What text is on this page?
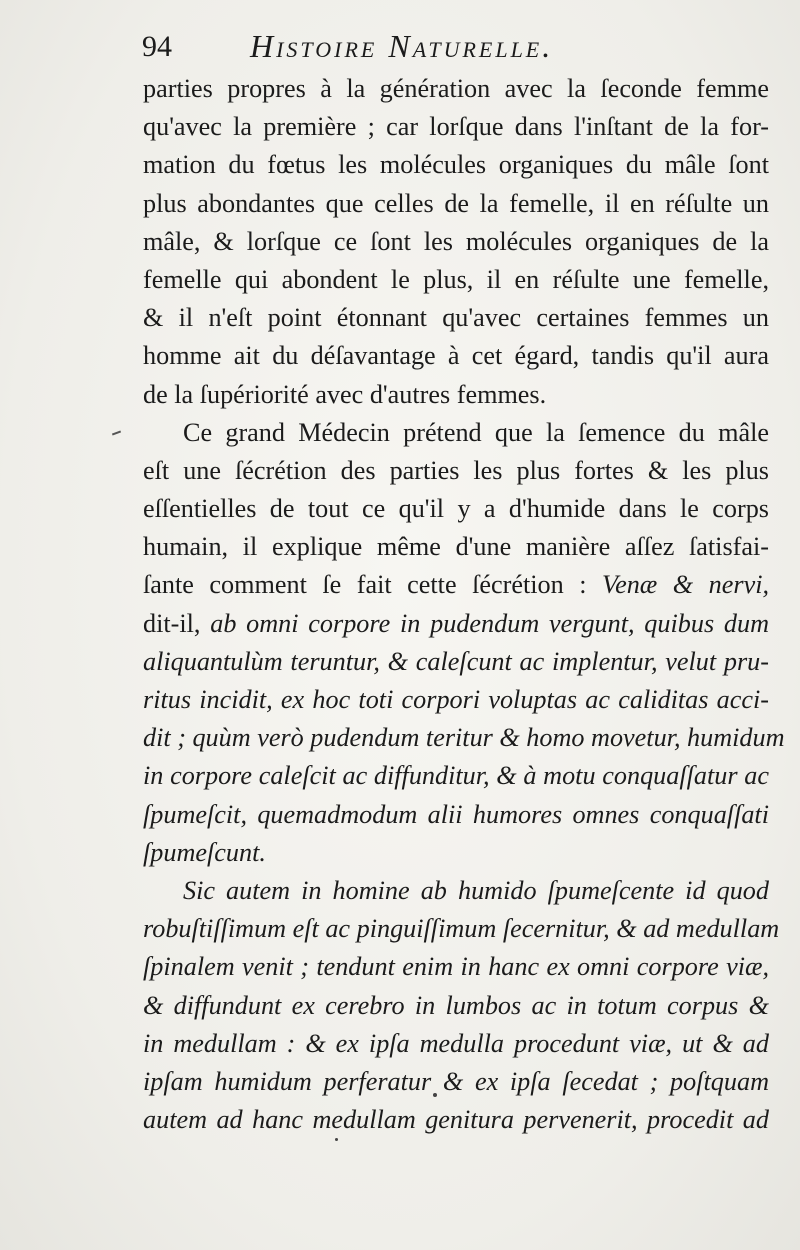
94 Histoire Naturelle.
parties propres à la génération avec la ſeconde femme
qu'avec la première ; car lorſque dans l'inſtant de la for-
mation du fœtus les molécules organiques du mâle ſont
plus abondantes que celles de la femelle, il en réſulte un
mâle, & lorſque ce ſont les molécules organiques de la
femelle qui abondent le plus, il en réſulte une femelle,
& il n'eſt point étonnant qu'avec certaines femmes un
homme ait du déſavantage à cet égard, tandis qu'il aura
de la ſupériorité avec d'autres femmes.
Ce grand Médecin prétend que la ſemence du mâle
eſt une ſécrétion des parties les plus fortes & les plus
eſſentielles de tout ce qu'il y a d'humide dans le corps
humain, il explique même d'une manière aſſez ſatisfai-
ſante comment ſe fait cette ſécrétion : Venæ & nervi,
dit-il, ab omni corpore in pudendum vergunt, quibus dum
aliquantulùm teruntur, & caleſcunt ac implentur, velut pru-
ritus incidit, ex hoc toti corpori voluptas ac caliditas acci-
dit ; quùm verò pudendum teritur & homo movetur, humidum
in corpore caleſcit ac diffunditur, & à motu conquaſſatur ac
ſpumeſcit, quemadmodum alii humores omnes conquaſſati
ſpumeſcunt.
Sic autem in homine ab humido ſpumeſcente id quod
robuſtiſſimum eſt ac pinguiſſimum ſecernitur, & ad medullam
ſpinalem venit ; tendunt enim in hanc ex omni corpore viæ,
& diffundunt ex cerebro in lumbos ac in totum corpus &
in medullam : & ex ipſa medulla procedunt viæ, ut & ad
ipſam humidum perferatur & ex ipſa ſecedat ; poſtquam
autem ad hanc medullam genitura pervenerit, procedit ad
